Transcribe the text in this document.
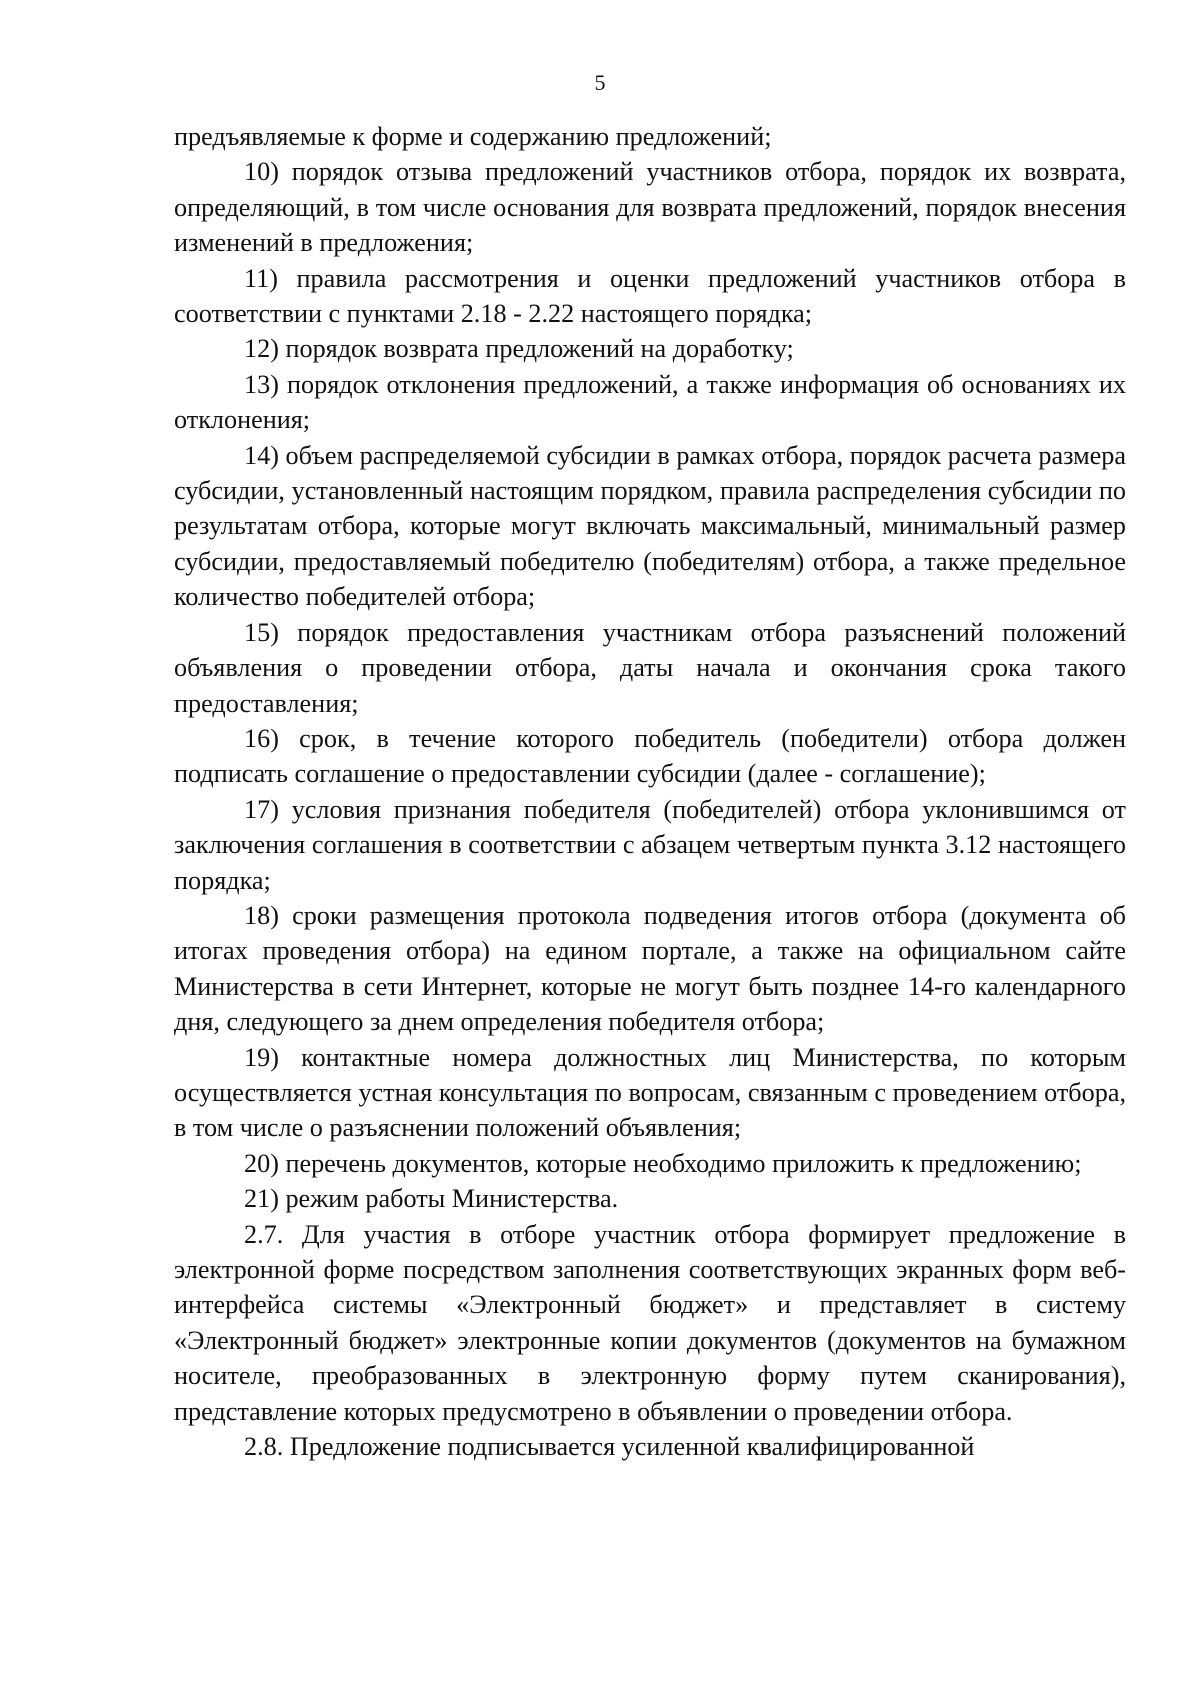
5

предъявляемые к форме и содержанию предложений;

10) порядок отзыва предложений участников отбора, порядок их возврата, определяющий, в том числе основания для возврата предложений, порядок внесения изменений в предложения;

11) правила рассмотрения и оценки предложений участников отбора в соответствии с пунктами 2.18 - 2.22 настоящего порядка;

12) порядок возврата предложений на доработку;

13) порядок отклонения предложений, а также информация об основаниях их отклонения;

14) объем распределяемой субсидии в рамках отбора, порядок расчета размера субсидии, установленный настоящим порядком, правила распределения субсидии по результатам отбора, которые могут включать максимальный, минимальный размер субсидии, предоставляемый победителю (победителям) отбора, а также предельное количество победителей отбора;

15) порядок предоставления участникам отбора разъяснений положений объявления о проведении отбора, даты начала и окончания срока такого предоставления;

16) срок, в течение которого победитель (победители) отбора должен подписать соглашение о предоставлении субсидии (далее - соглашение);

17) условия признания победителя (победителей) отбора уклонившимся от заключения соглашения в соответствии с абзацем четвертым пункта 3.12 настоящего порядка;

18) сроки размещения протокола подведения итогов отбора (документа об итогах проведения отбора) на едином портале, а также на официальном сайте Министерства в сети Интернет, которые не могут быть позднее 14-го календарного дня, следующего за днем определения победителя отбора;

19) контактные номера должностных лиц Министерства, по которым осуществляется устная консультация по вопросам, связанным с проведением отбора, в том числе о разъяснении положений объявления;

20) перечень документов, которые необходимо приложить к предложению;

21) режим работы Министерства.

2.7. Для участия в отборе участник отбора формирует предложение в электронной форме посредством заполнения соответствующих экранных форм веб-интерфейса системы «Электронный бюджет» и представляет в систему «Электронный бюджет» электронные копии документов (документов на бумажном носителе, преобразованных в электронную форму путем сканирования), представление которых предусмотрено в объявлении о проведении отбора.

2.8. Предложение подписывается усиленной квалифицированной
